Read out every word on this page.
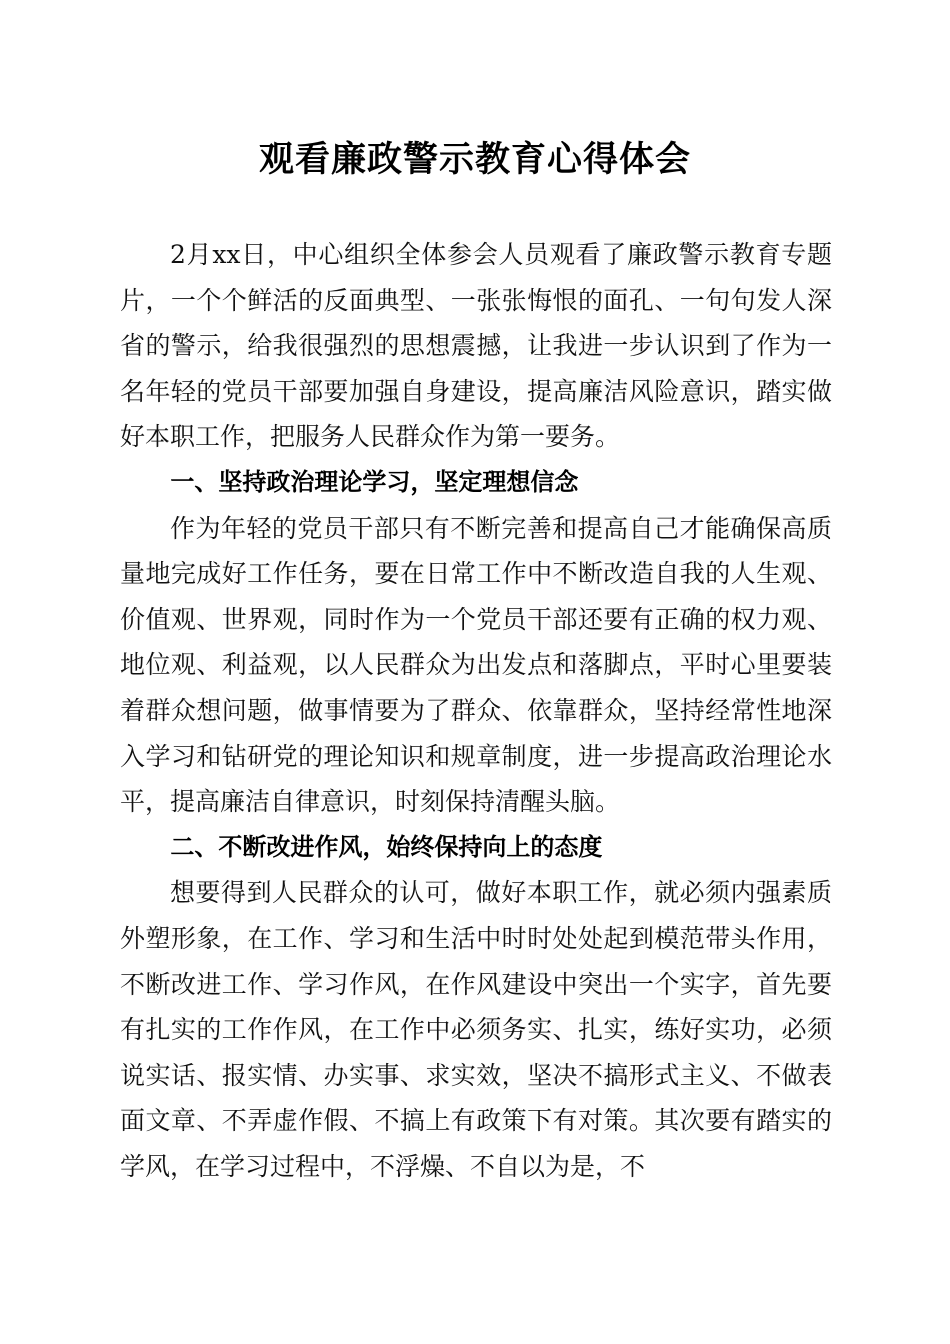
观看廉政警示教育心得体会

2月xx日，中心组织全体参会人员观看了廉政警示教育专题片，一个个鲜活的反面典型、一张张悔恨的面孔、一句句发人深省的警示，给我很强烈的思想震撼，让我进一步认识到了作为一名年轻的党员干部要加强自身建设，提高廉洁风险意识，踏实做好本职工作，把服务人民群众作为第一要务。

一、坚持政治理论学习，坚定理想信念

作为年轻的党员干部只有不断完善和提高自己才能确保高质量地完成好工作任务，要在日常工作中不断改造自我的人生观、价值观、世界观，同时作为一个党员干部还要有正确的权力观、地位观、利益观，以人民群众为出发点和落脚点，平时心里要装着群众想问题，做事情要为了群众、依靠群众，坚持经常性地深入学习和钻研党的理论知识和规章制度，进一步提高政治理论水平，提高廉洁自律意识，时刻保持清醒头脑。

二、不断改进作风，始终保持向上的态度

想要得到人民群众的认可，做好本职工作，就必须内强素质外塑形象，在工作、学习和生活中时时处处起到模范带头作用，不断改进工作、学习作风，在作风建设中突出一个实字，首先要有扎实的工作作风，在工作中必须务实、扎实，练好实功，必须说实话、报实情、办实事、求实效，坚决不搞形式主义、不做表面文章、不弄虚作假、不搞上有政策下有对策。其次要有踏实的学风，在学习过程中，不浮燥、不自以为是，不
